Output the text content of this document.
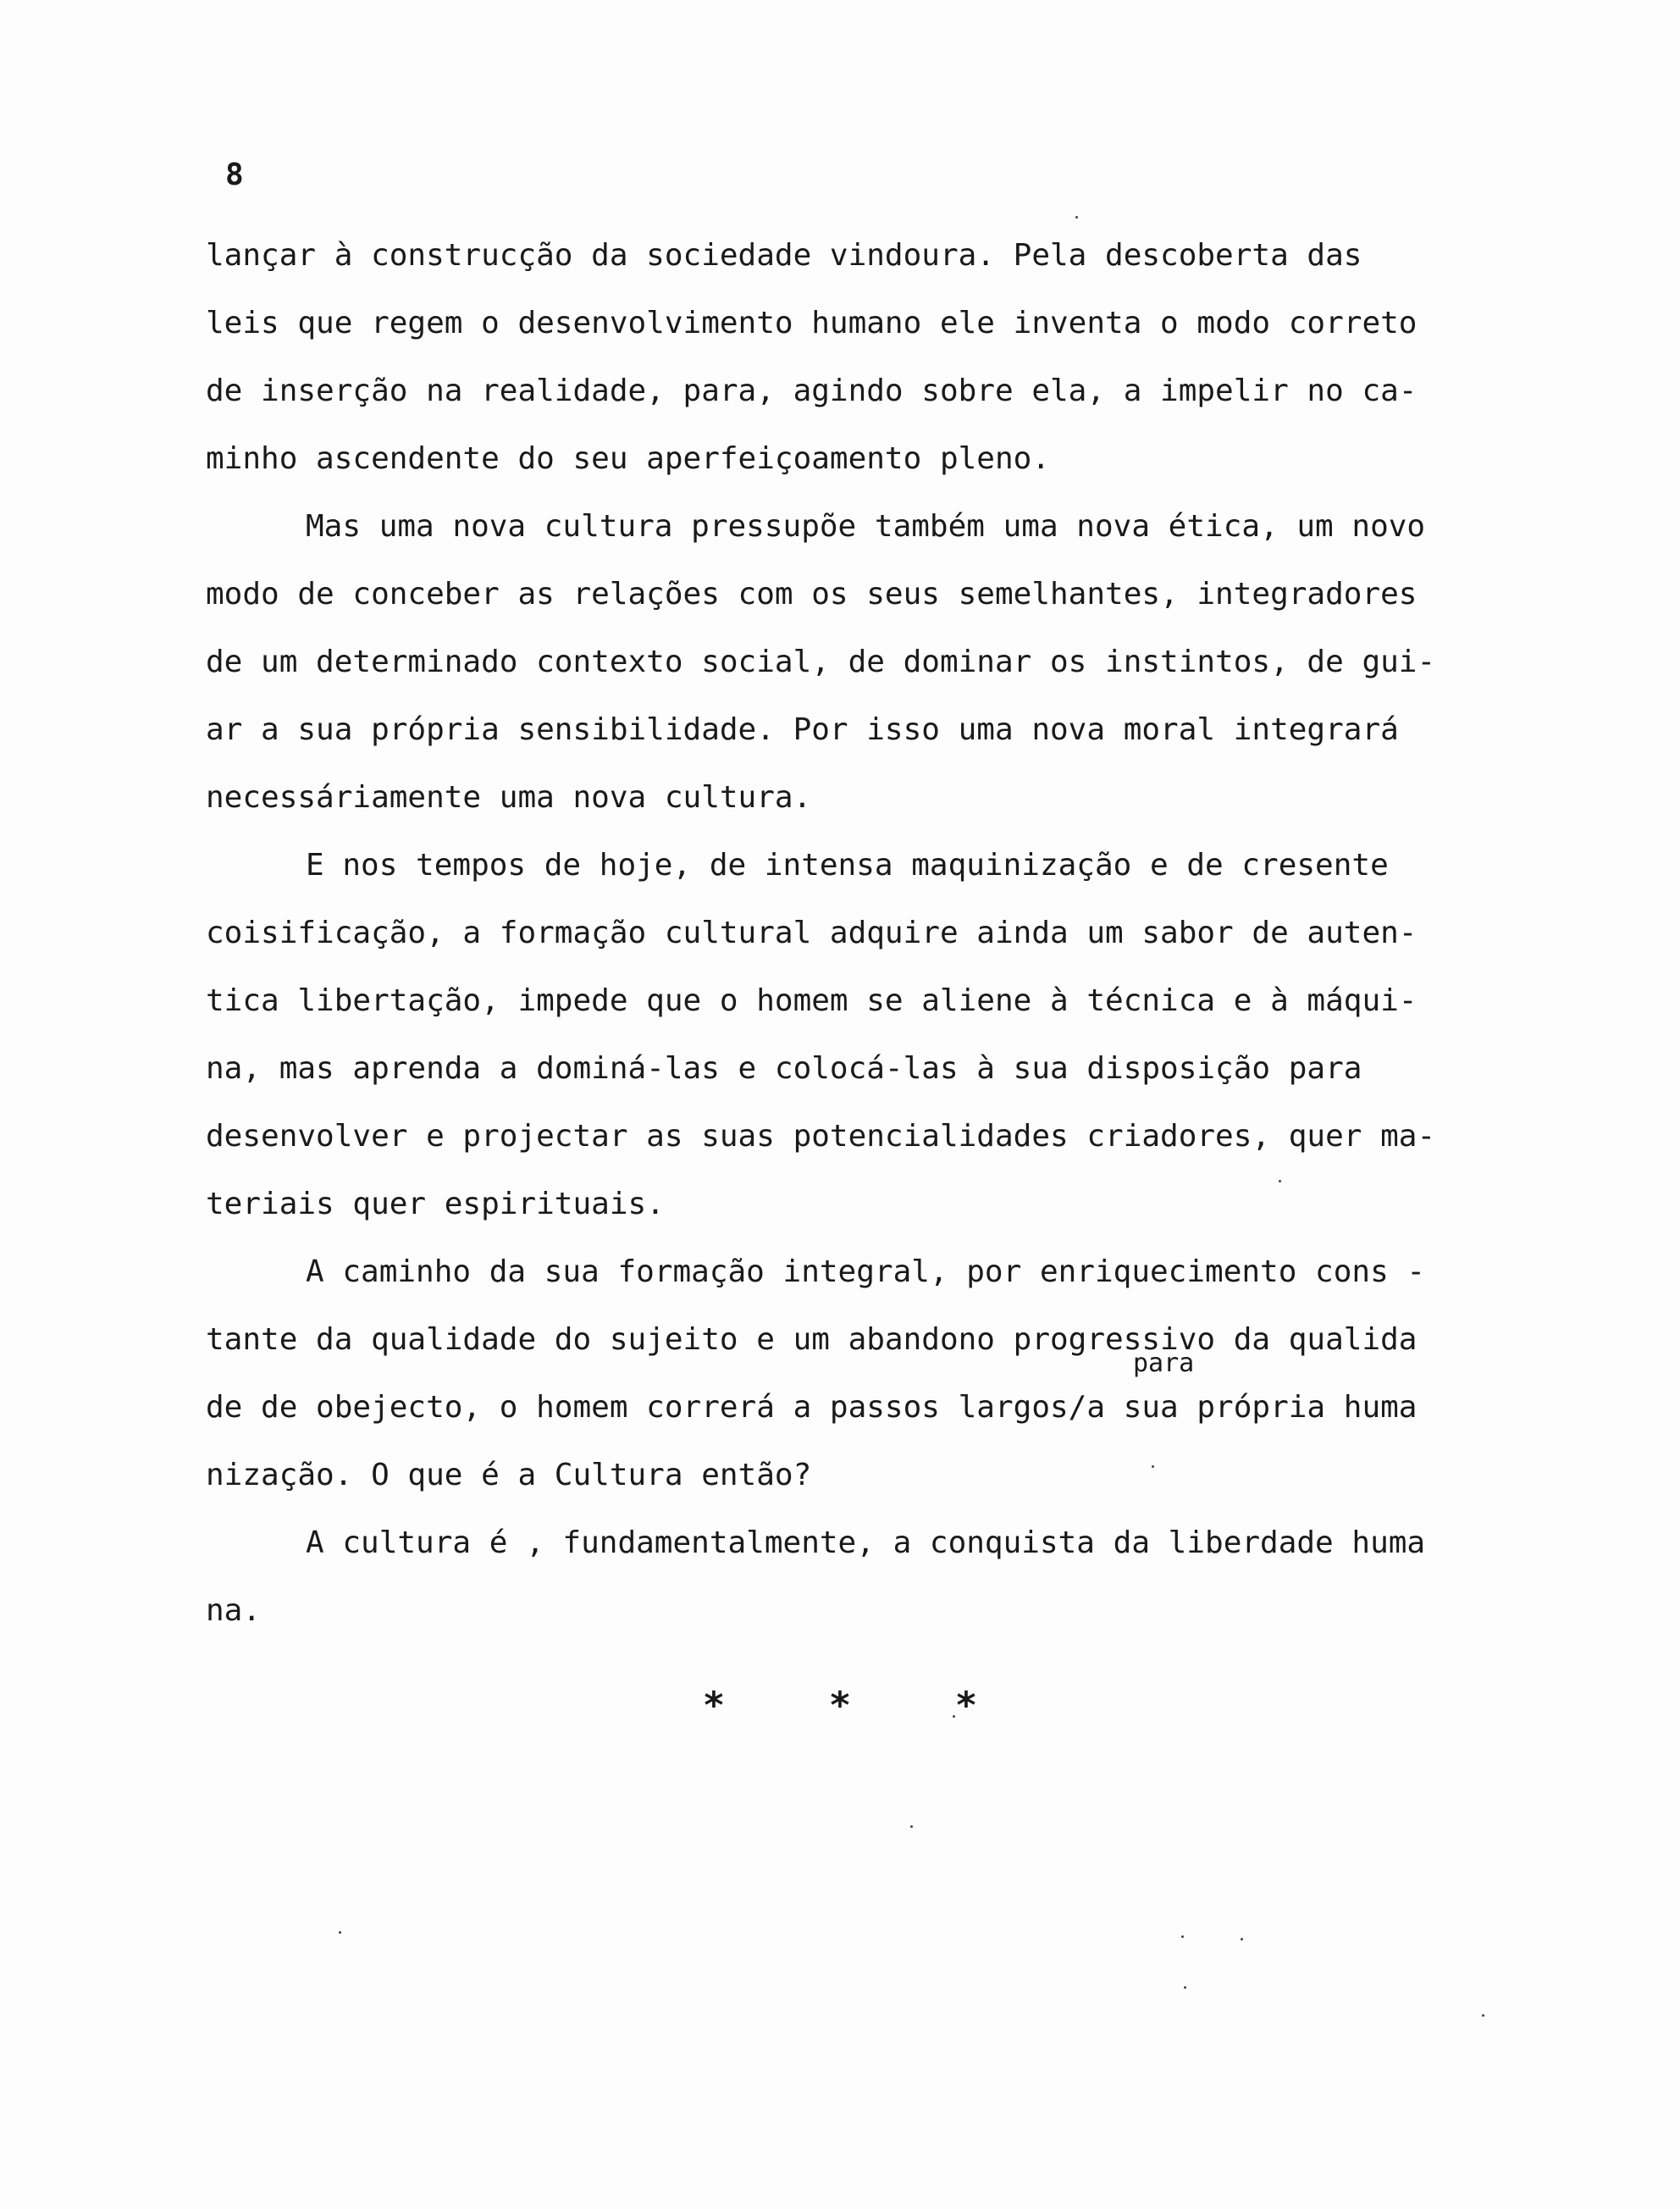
8
lançar à construcção da sociedade vindoura. Pela descoberta das
leis que regem o desenvolvimento humano ele inventa o modo correto
de inserção na realidade, para, agindo sobre ela, a impelir no ca-
minho ascendente do seu aperfeiçoamento pleno.
Mas uma nova cultura pressupõe também uma nova ética, um novo
modo de conceber as relações com os seus semelhantes, integradores
de um determinado contexto social, de dominar os instintos, de gui-
ar a sua própria sensibilidade. Por isso uma nova moral integrará
necessáriamente uma nova cultura.
E nos tempos de hoje, de intensa maquinização e de cresente
coisificação, a formação cultural adquire ainda um sabor de auten-
tica libertação, impede que o homem se aliene à técnica e à máqui-
na, mas aprenda a dominá-las e colocá-las à sua disposição para
desenvolver e projectar as suas potencialidades criadores, quer ma-
teriais quer espirituais.
A caminho da sua formação integral, por enriquecimento cons -
tante da qualidade do sujeito e um abandono progressivo da qualida
de de obejecto, o homem correrá a passos largos/a sua própria huma
nização. O que é a Cultura então?
A cultura é , fundamentalmente, a conquista da liberdade huma
na.
para
*	*	*
